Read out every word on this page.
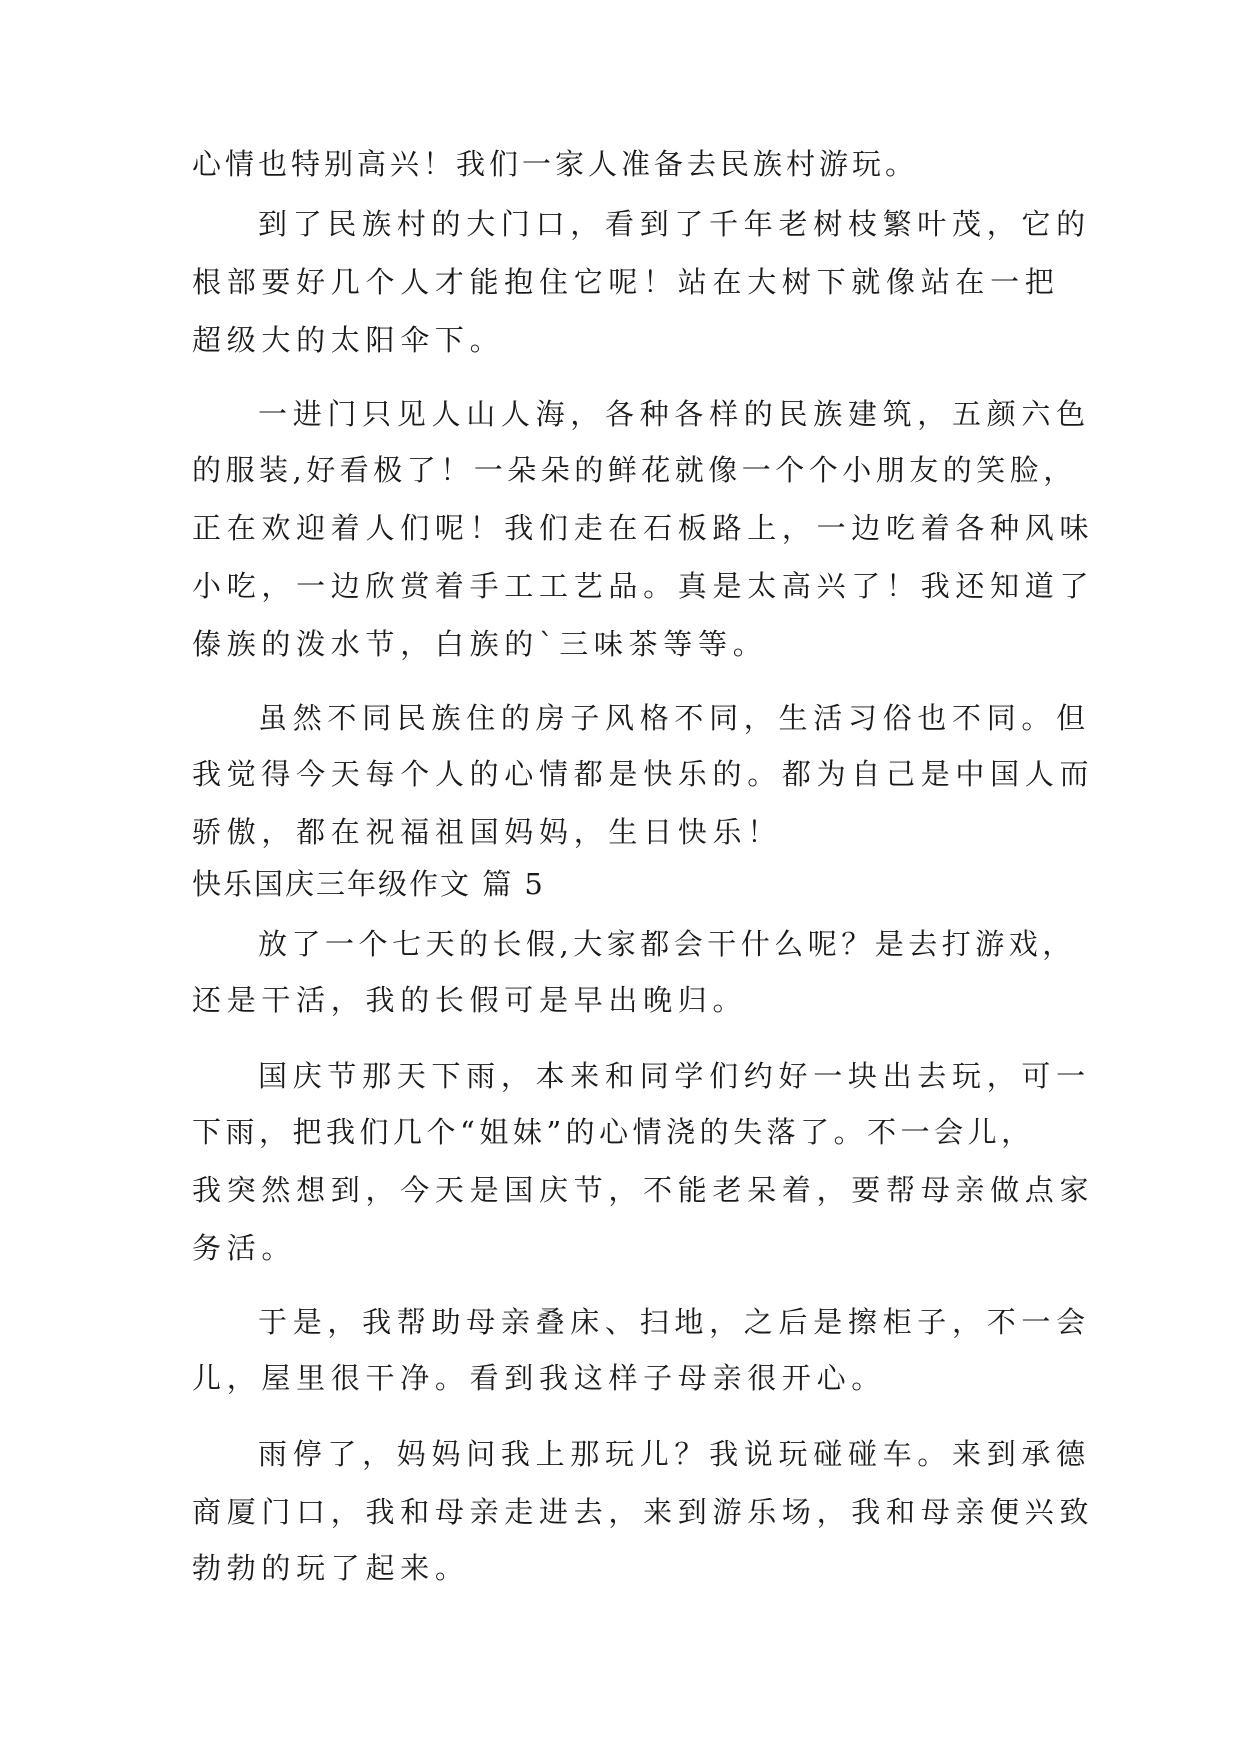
心情也特别高兴！我们一家人准备去民族村游玩。
到了民族村的大门口，看到了千年老树枝繁叶茂，它的
根部要好几个人才能抱住它呢！站在大树下就像站在一把
超级大的太阳伞下。
一进门只见人山人海，各种各样的民族建筑，五颜六色
的服装,好看极了！一朵朵的鲜花就像一个个小朋友的笑脸，
正在欢迎着人们呢！我们走在石板路上，一边吃着各种风味
小吃，一边欣赏着手工工艺品。真是太高兴了！我还知道了
傣族的泼水节，白族的`三味茶等等。
虽然不同民族住的房子风格不同，生活习俗也不同。但
我觉得今天每个人的心情都是快乐的。都为自己是中国人而
骄傲，都在祝福祖国妈妈，生日快乐！
快乐国庆三年级作文 篇 5
放了一个七天的长假,大家都会干什么呢？是去打游戏，
还是干活，我的长假可是早出晚归。
国庆节那天下雨，本来和同学们约好一块出去玩，可一
下雨，把我们几个“姐妹”的心情浇的失落了。不一会儿，
我突然想到，今天是国庆节，不能老呆着，要帮母亲做点家
务活。
于是，我帮助母亲叠床、扫地，之后是擦柜子，不一会
儿，屋里很干净。看到我这样子母亲很开心。
雨停了，妈妈问我上那玩儿？我说玩碰碰车。来到承德
商厦门口，我和母亲走进去，来到游乐场，我和母亲便兴致
勃勃的玩了起来。
